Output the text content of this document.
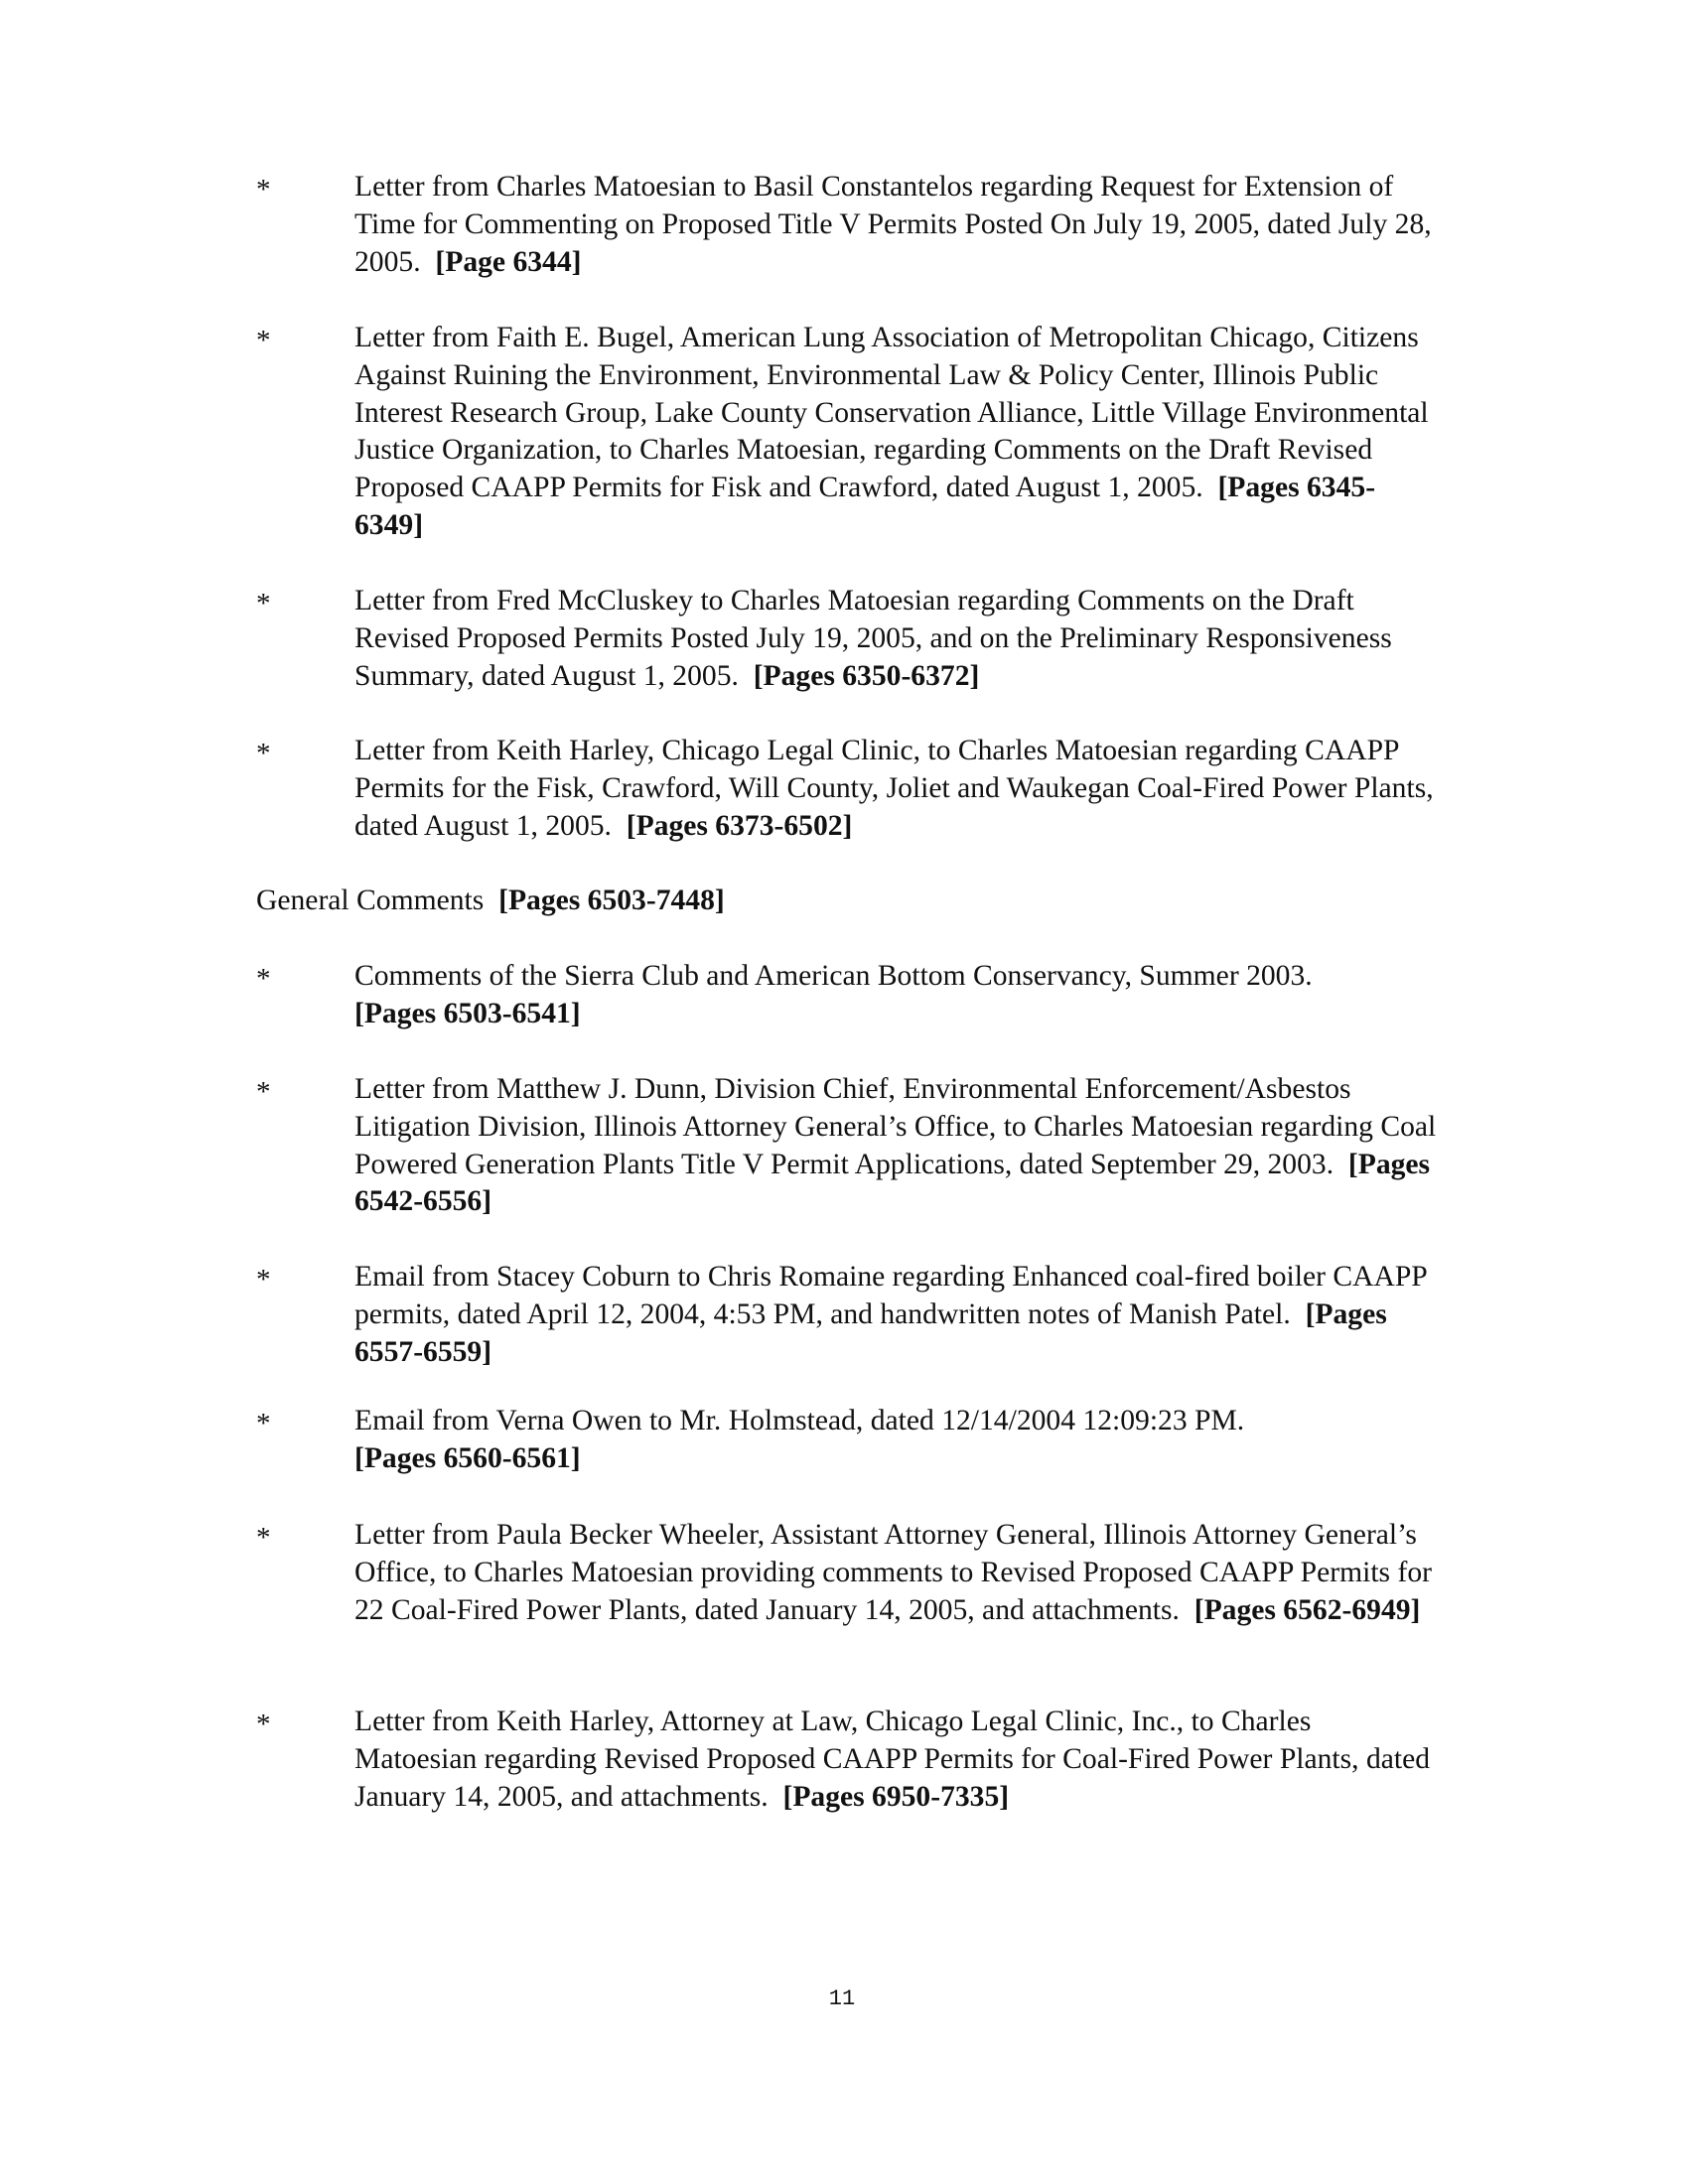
*	Letter from Charles Matoesian to Basil Constantelos regarding Request for Extension of Time for Commenting on Proposed Title V Permits Posted On July 19, 2005, dated July 28, 2005. [Page 6344]
*	Letter from Faith E. Bugel, American Lung Association of Metropolitan Chicago, Citizens Against Ruining the Environment, Environmental Law & Policy Center, Illinois Public Interest Research Group, Lake County Conservation Alliance, Little Village Environmental Justice Organization, to Charles Matoesian, regarding Comments on the Draft Revised Proposed CAAPP Permits for Fisk and Crawford, dated August 1, 2005. [Pages 6345-6349]
*	Letter from Fred McCluskey to Charles Matoesian regarding Comments on the Draft Revised Proposed Permits Posted July 19, 2005, and on the Preliminary Responsiveness Summary, dated August 1, 2005. [Pages 6350-6372]
*	Letter from Keith Harley, Chicago Legal Clinic, to Charles Matoesian regarding CAAPP Permits for the Fisk, Crawford, Will County, Joliet and Waukegan Coal-Fired Power Plants, dated August 1, 2005. [Pages 6373-6502]
General Comments [Pages 6503-7448]
*	Comments of the Sierra Club and American Bottom Conservancy, Summer 2003.
[Pages 6503-6541]
*	Letter from Matthew J. Dunn, Division Chief, Environmental Enforcement/Asbestos Litigation Division, Illinois Attorney General’s Office, to Charles Matoesian regarding Coal Powered Generation Plants Title V Permit Applications, dated September 29, 2003. [Pages 6542-6556]
*	Email from Stacey Coburn to Chris Romaine regarding Enhanced coal-fired boiler CAAPP permits, dated April 12, 2004, 4:53 PM, and handwritten notes of Manish Patel. [Pages 6557-6559]
*	Email from Verna Owen to Mr. Holmstead, dated 12/14/2004 12:09:23 PM.
[Pages 6560-6561]
*	Letter from Paula Becker Wheeler, Assistant Attorney General, Illinois Attorney General’s Office, to Charles Matoesian providing comments to Revised Proposed CAAPP Permits for 22 Coal-Fired Power Plants, dated January 14, 2005, and attachments. [Pages 6562-6949]
*	Letter from Keith Harley, Attorney at Law, Chicago Legal Clinic, Inc., to Charles Matoesian regarding Revised Proposed CAAPP Permits for Coal-Fired Power Plants, dated January 14, 2005, and attachments. [Pages 6950-7335]
11
